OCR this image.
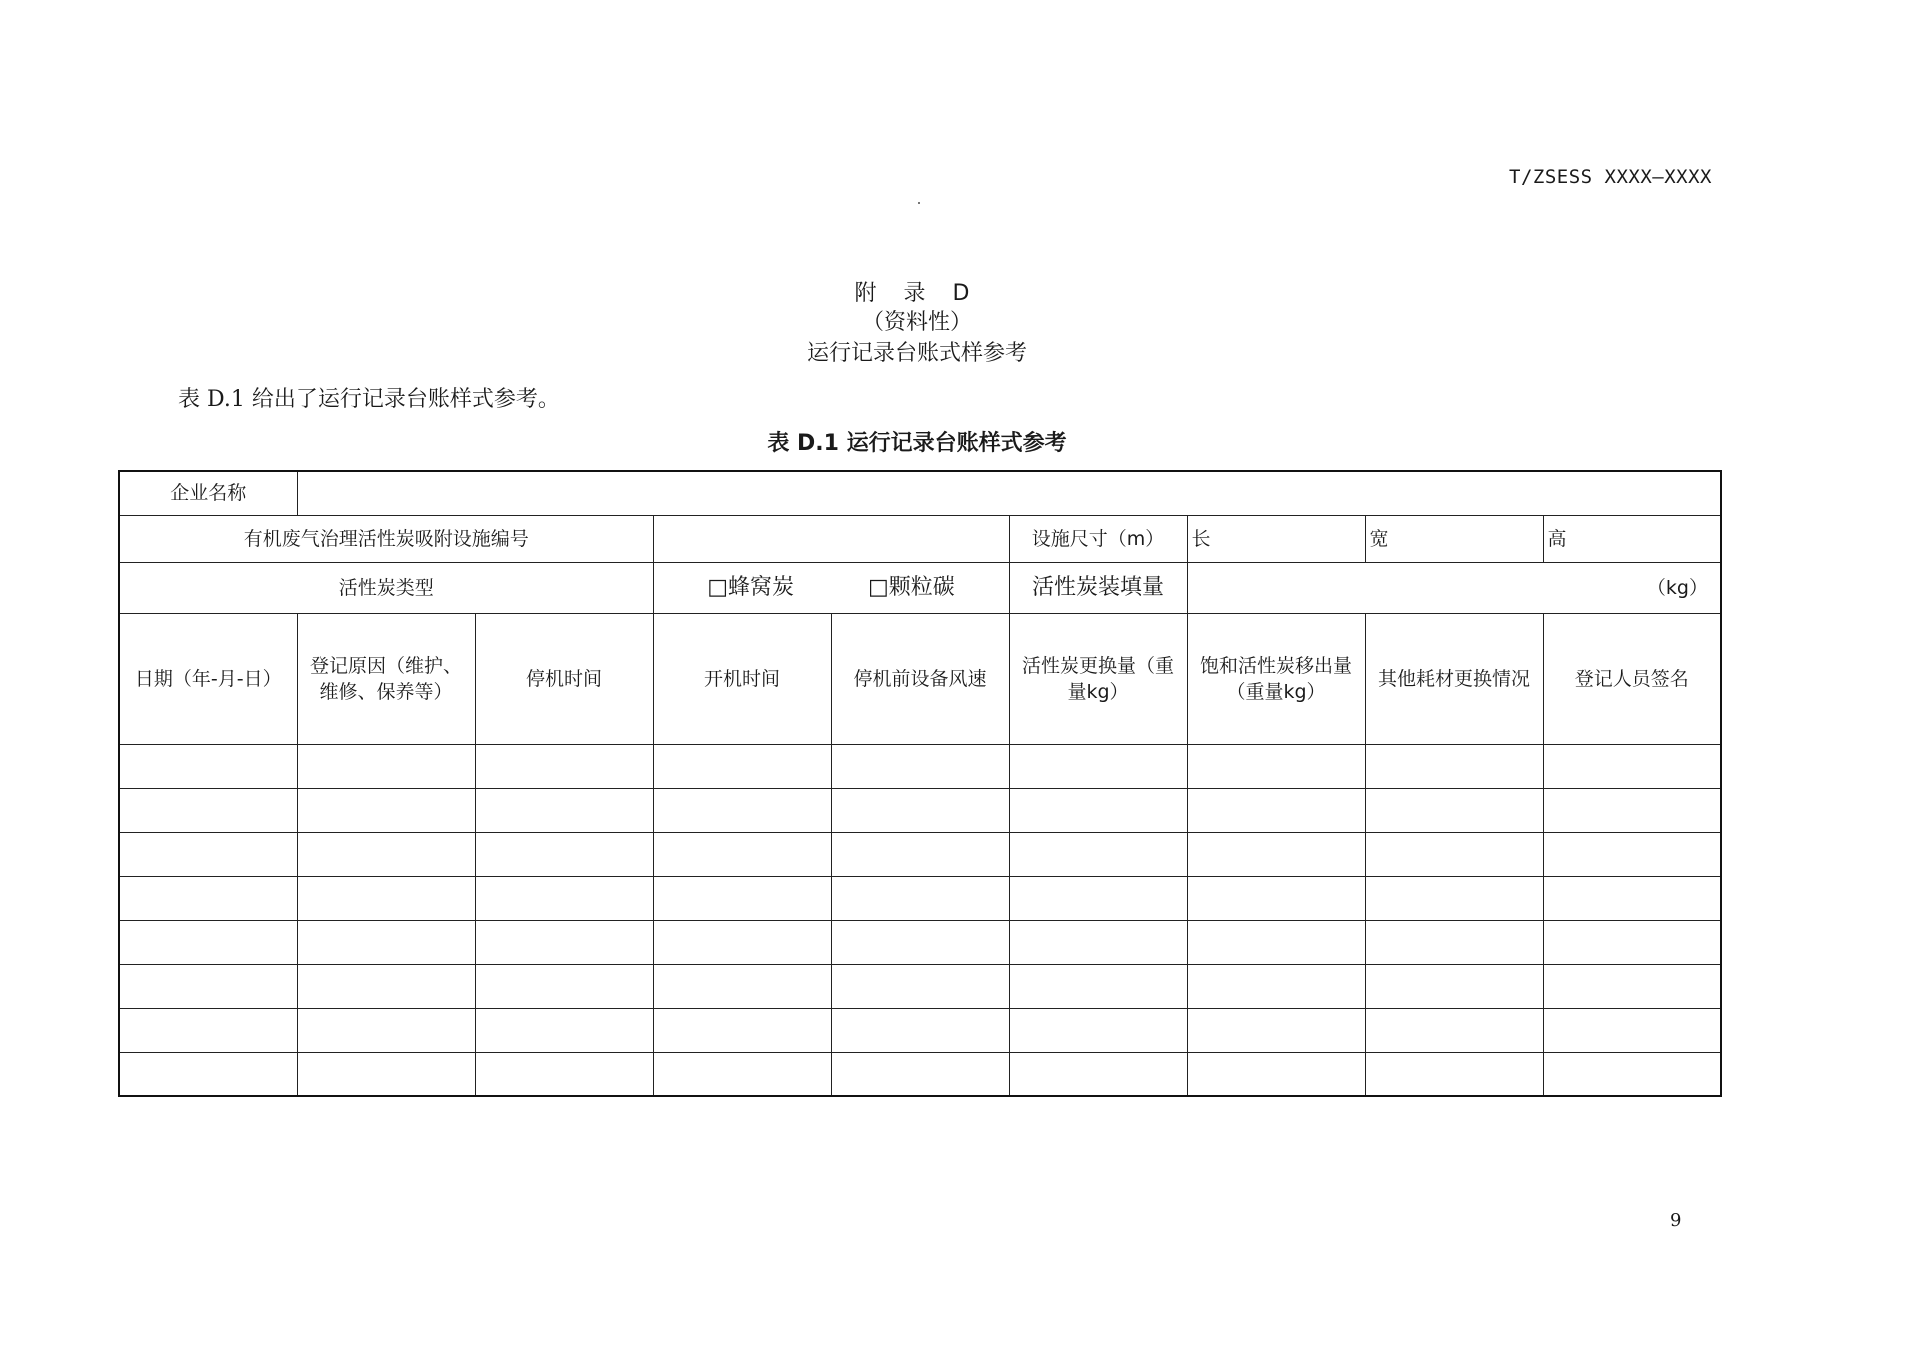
T/ZSESS XXXX—XXXX
附 录 D
（资料性）
运行记录台账式样参考
表 D.1 给出了运行记录台账样式参考。
表 D.1 运行记录台账样式参考
企业名称								
有机废气治理活性炭吸附设施编号					设施尺寸（m）	长	宽	高
活性炭类型			□蜂窝炭 □颗粒碳		活性炭装填量	（kg）		
日期（年-月-日）	登记原因（维护、维修、保养等）	停机时间	开机时间	停机前设备风速	活性炭更换量（重量kg）	饱和活性炭移出量（重量kg）	其他耗材更换情况	登记人员签名

9
